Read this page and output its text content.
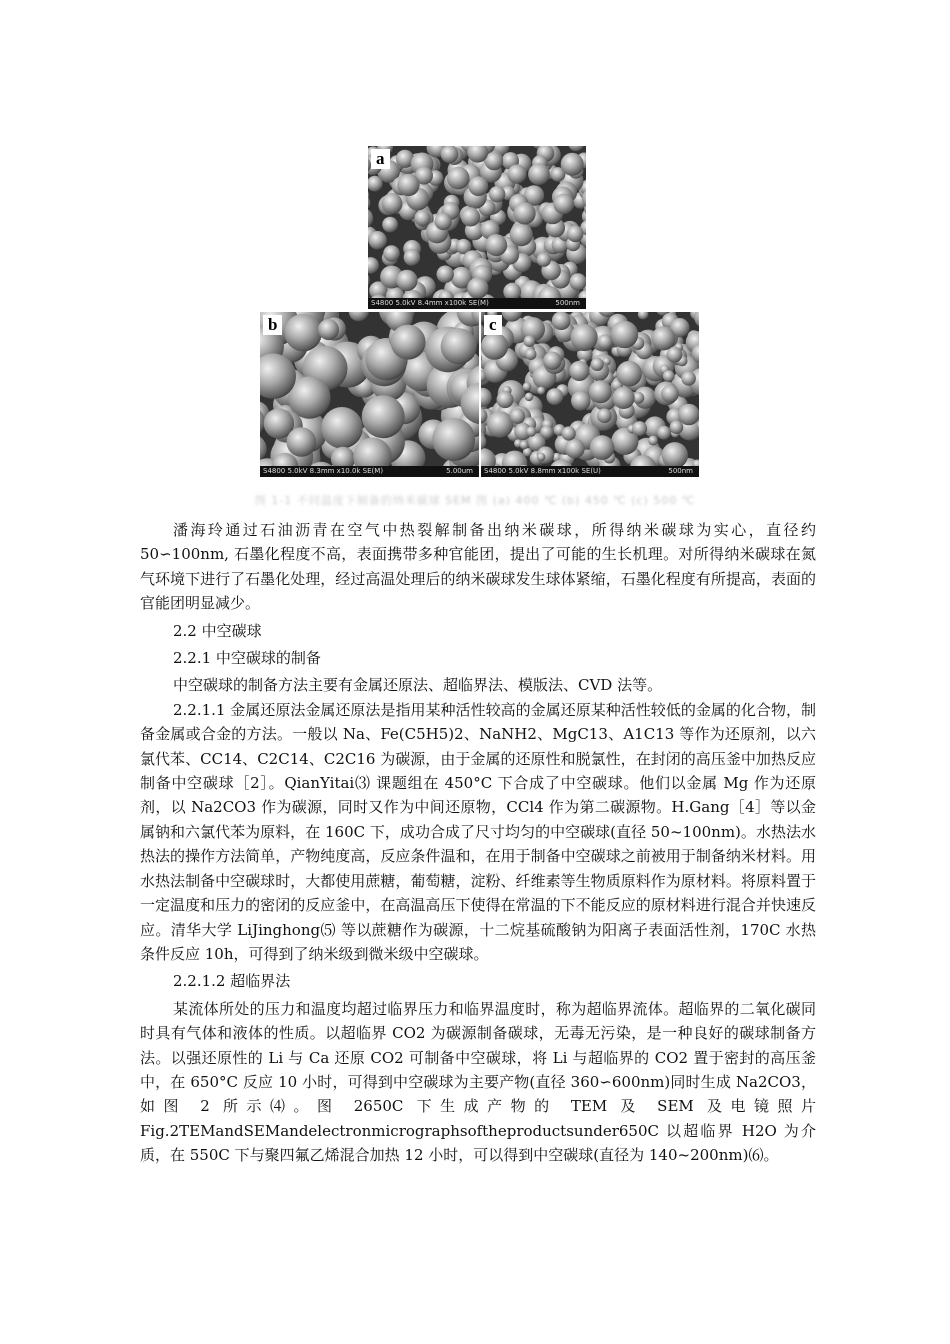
a
S4800 5.0kV 8.4mm x100k SE(M)	500nm
b
S4800 5.0kV 8.3mm x10.0k SE(M)	5.00um
c
S4800 5.0kV 8.8mm x100k SE(U)	500nm
图 1-1 不同温度下制备的纳米碳球 SEM 图 (a) 400 ℃ (b) 450 ℃ (c) 500 ℃

潘海玲通过石油沥青在空气中热裂解制备出纳米碳球，所得纳米碳球为实心，直径约 50∽100nm, 石墨化程度不高，表面携带多种官能团，提出了可能的生长机理。对所得纳米碳球在氮气环境下进行了石墨化处理，经过高温处理后的纳米碳球发生球体紧缩，石墨化程度有所提高，表面的官能团明显减少。

2.2 中空碳球

2.2.1 中空碳球的制备

中空碳球的制备方法主要有金属还原法、超临界法、模版法、CVD 法等。

2.2.1.1 金属还原法金属还原法是指用某种活性较高的金属还原某种活性较低的金属的化合物，制备金属或合金的方法。一般以 Na、Fe(C5H5)2、NaNH2、MgC13、A1C13 等作为还原剂，以六氯代苯、CC14、C2C14、C2C16 为碳源，由于金属的还原性和脱氯性，在封闭的高压釜中加热反应制备中空碳球［2］。QianYitai⑶ 课题组在 450°C 下合成了中空碳球。他们以金属 Mg 作为还原剂，以 Na2CO3 作为碳源，同时又作为中间还原物，CCl4 作为第二碳源物。H.Gang［4］等以金属钠和六氯代苯为原料，在 160C 下，成功合成了尺寸均匀的中空碳球(直径 50~100nm)。水热法水热法的操作方法简单，产物纯度高，反应条件温和，在用于制备中空碳球之前被用于制备纳米材料。用水热法制备中空碳球时，大都使用蔗糖，葡萄糖，淀粉、纤维素等生物质原料作为原材料。将原料置于一定温度和压力的密闭的反应釜中，在高温高压下使得在常温的下不能反应的原材料进行混合并快速反应。清华大学 LiJinghong⑸ 等以蔗糖作为碳源，十二烷基硫酸钠为阳离子表面活性剂，170C 水热条件反应 10h，可得到了纳米级到微米级中空碳球。

2.2.1.2 超临界法

某流体所处的压力和温度均超过临界压力和临界温度时，称为超临界流体。超临界的二氧化碳同时具有气体和液体的性质。以超临界 CO2 为碳源制备碳球，无毒无污染，是一种良好的碳球制备方法。以强还原性的 Li 与 Ca 还原 CO2 可制备中空碳球，将 Li 与超临界的 CO2 置于密封的高压釜中，在 650°C 反应 10 小时，可得到中空碳球为主要产物(直径 360∽600nm)同时生成 Na2CO3，如图 2 所示⑷。图 2650C 下生成产物的 TEM 及 SEM 及电镜照片 Fig.2TEMandSEMandelectronmicrographsoftheproductsunder650C 以超临界 H2O 为介质，在 550C 下与聚四氟乙烯混合加热 12 小时，可以得到中空碳球(直径为 140~200nm)⑹。
